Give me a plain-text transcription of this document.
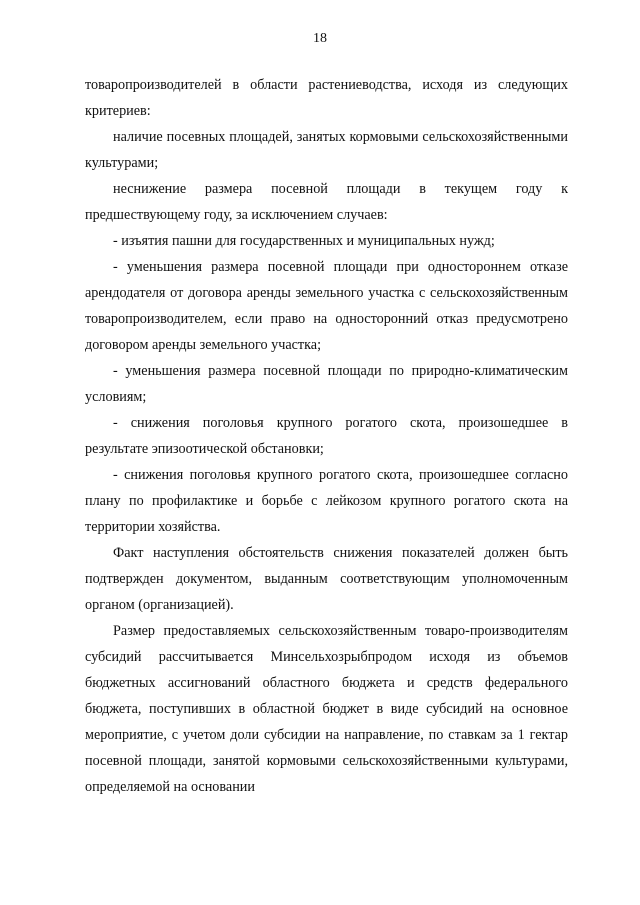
18

товаропроизводителей в области растениеводства, исходя из следующих критериев:

наличие посевных площадей, занятых кормовыми сельскохозяйственными культурами;

неснижение размера посевной площади в текущем году к предшествующему году, за исключением случаев:

- изъятия пашни для государственных и муниципальных нужд;

- уменьшения размера посевной площади при одностороннем отказе арендодателя от договора аренды земельного участка с сельскохозяйственным товаропроизводителем, если право на односторонний отказ предусмотрено договором аренды земельного участка;

- уменьшения размера посевной площади по природно-климатическим условиям;

- снижения поголовья крупного рогатого скота, произошедшее в результате эпизоотической обстановки;

- снижения поголовья крупного рогатого скота, произошедшее согласно плану по профилактике и борьбе с лейкозом крупного рогатого скота на территории хозяйства.

Факт наступления обстоятельств снижения показателей должен быть подтвержден документом, выданным соответствующим уполномоченным органом (организацией).

Размер предоставляемых сельскохозяйственным товаро-производителям субсидий рассчитывается Минсельхозрыбпродом исходя из объемов бюджетных ассигнований областного бюджета и средств федерального бюджета, поступивших в областной бюджет в виде субсидий на основное мероприятие, с учетом доли субсидии на направление, по ставкам за 1 гектар посевной площади, занятой кормовыми сельскохозяйственными культурами, определяемой на основании
